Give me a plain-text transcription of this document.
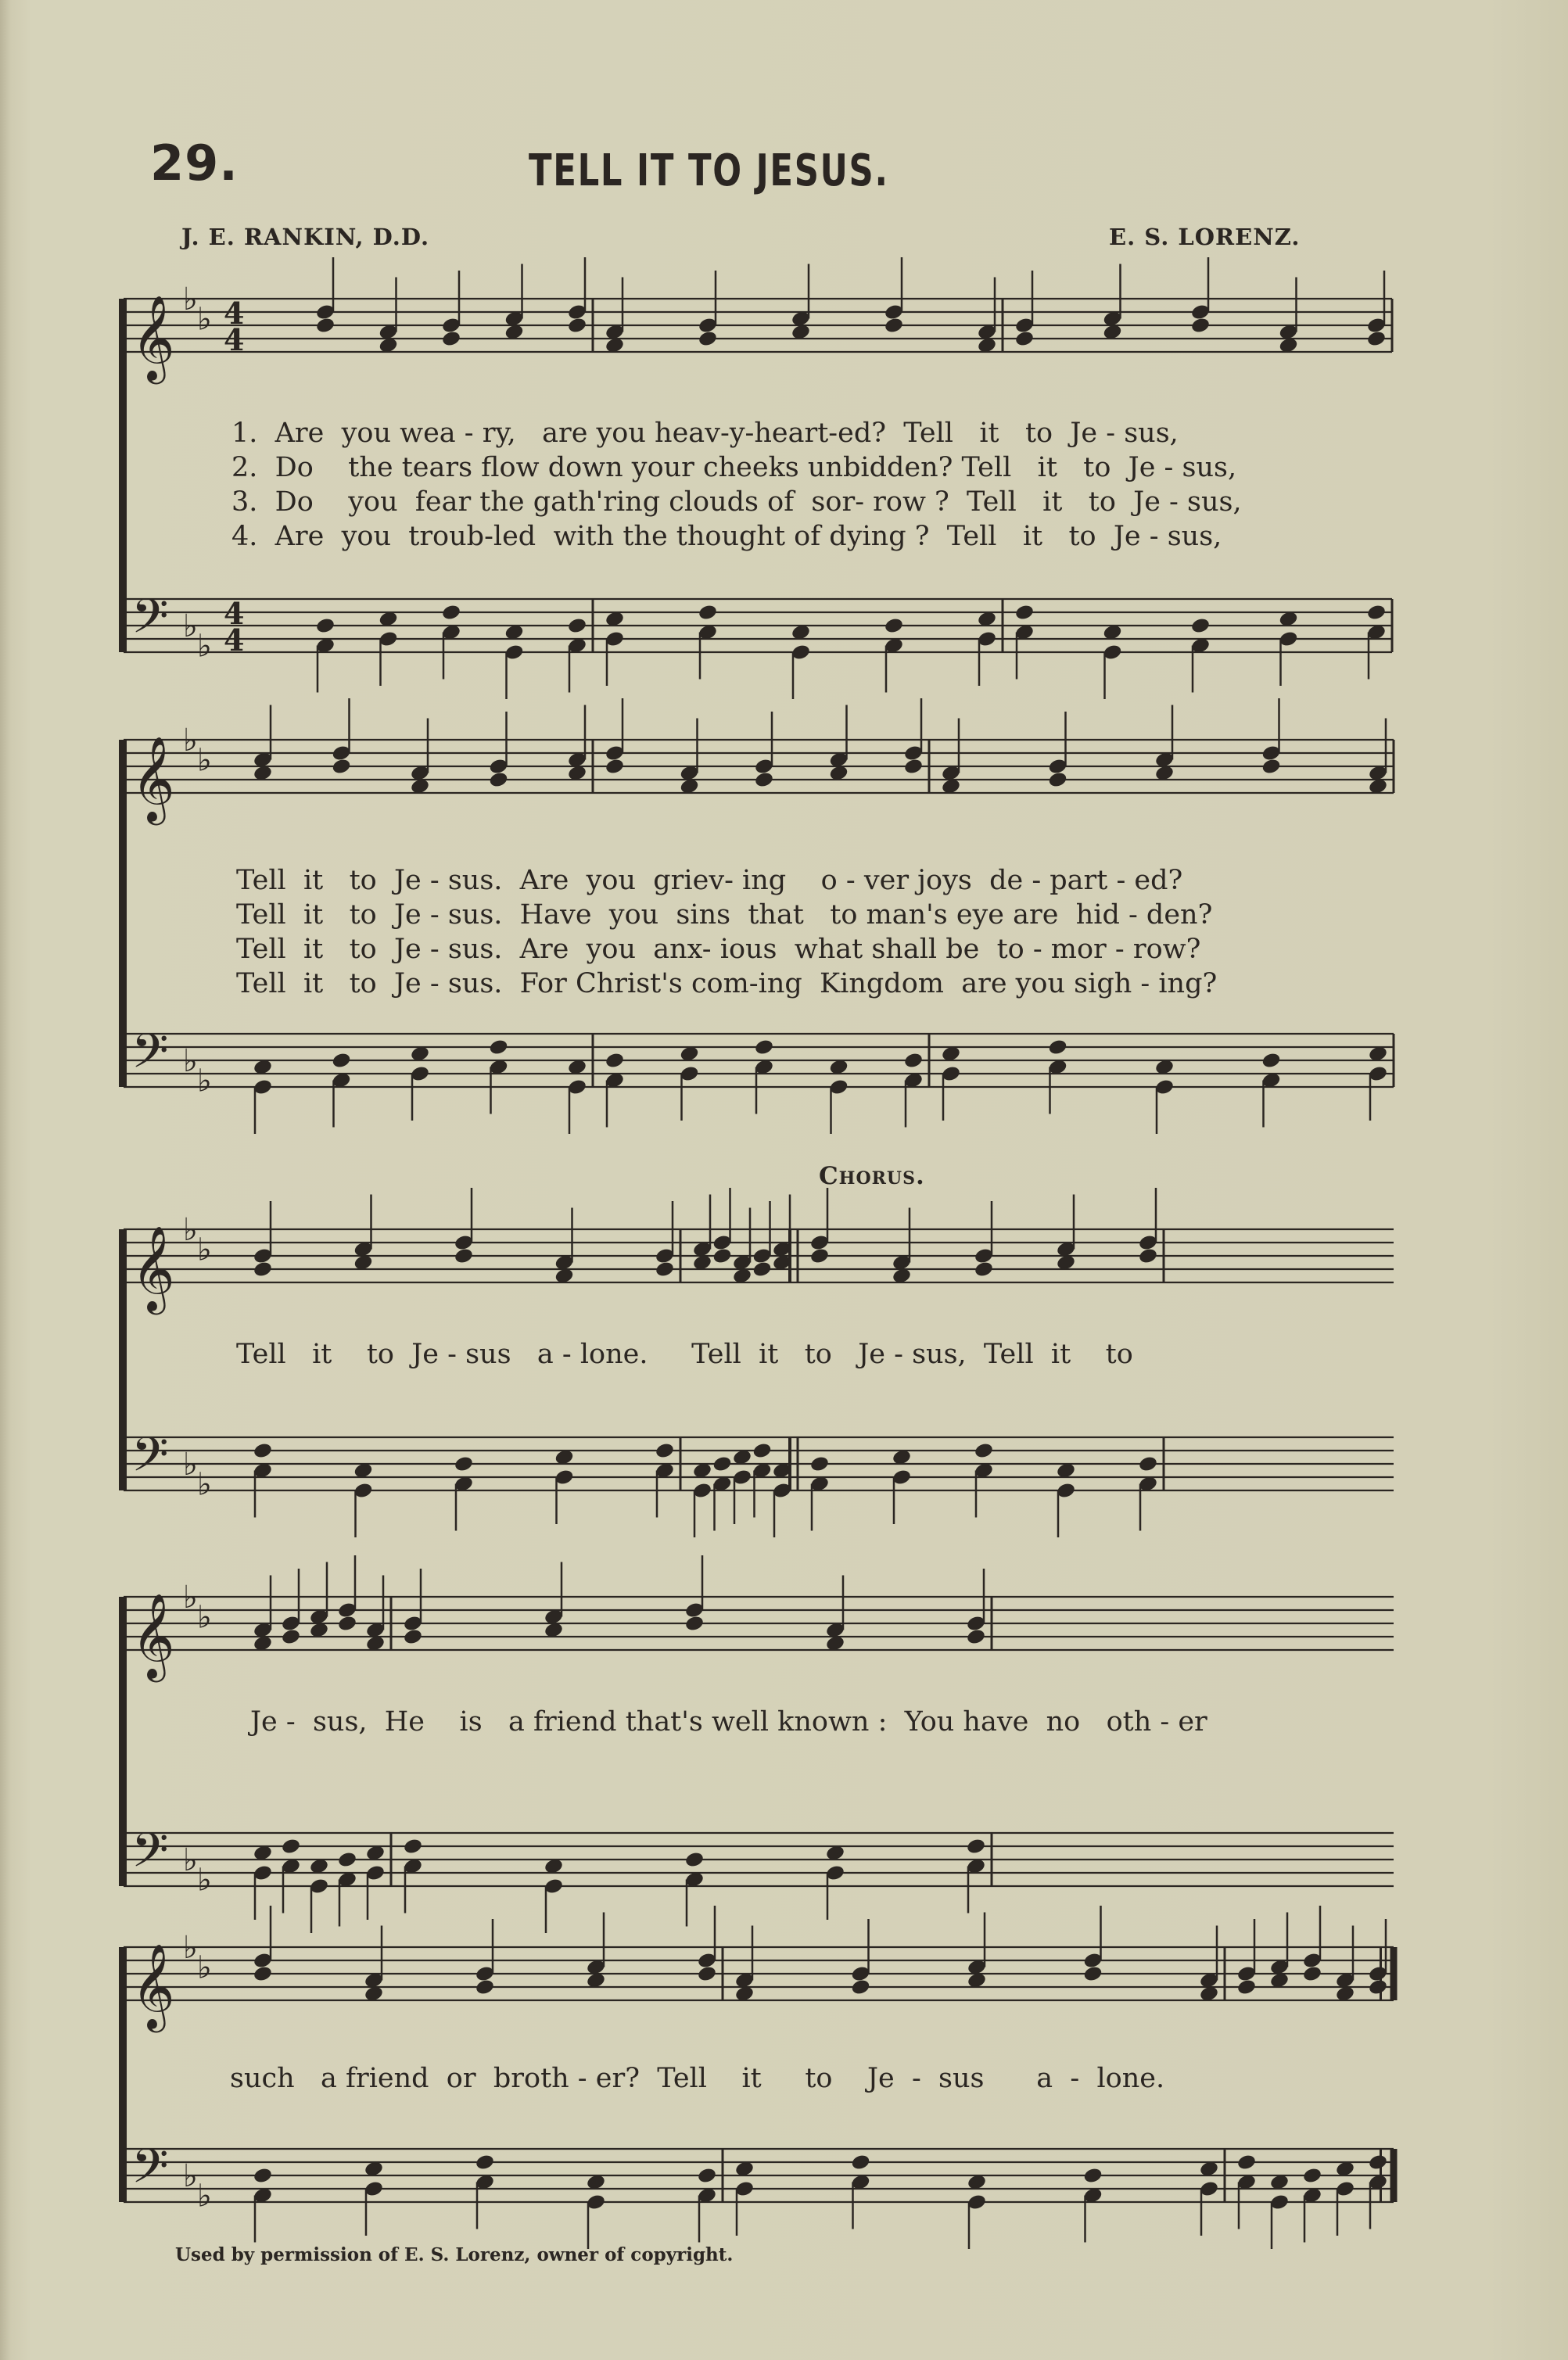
29.	TELL IT TO JESUS.
J. E. RANKIN, D.D.	E. S. LORENZ.
𝄞 ♭
♭ 4
4
𝄢 ♭
♭
4
4
𝄞 ♭
♭
𝄢 ♭
♭
𝄞 ♭
♭
𝄢 ♭
♭
𝄞 ♭
♭
𝄢 ♭
♭
𝄞 ♭
♭
𝄢 ♭
♭
1.  Are  you wea - ry,   are you heav-y-heart-ed?  Tell   it   to  Je - sus,
2.  Do    the tears flow down your cheeks unbidden? Tell   it   to  Je - sus,
3.  Do    you  fear the gath'ring clouds of  sor- row ?  Tell   it   to  Je - sus,
4.  Are  you  troub-led  with the thought of dying ?  Tell   it   to  Je - sus,
Tell  it   to  Je - sus.  Are  you  griev- ing    o - ver joys  de - part - ed?
Tell  it   to  Je - sus.  Have  you  sins  that   to man's eye are  hid - den?
Tell  it   to  Je - sus.  Are  you  anx- ious  what shall be  to - mor - row?
Tell  it   to  Je - sus.  For Christ's com-ing  Kingdom  are you sigh - ing?
Chorus.
Tell   it    to  Je - sus   a - lone.     Tell  it   to   Je - sus,  Tell  it    to
Je -  sus,  He    is   a friend that's well known :  You have  no   oth - er
such   a friend  or  broth - er?  Tell    it     to    Je  -  sus      a  -  lone.
Used by permission of E. S. Lorenz, owner of copyright.
